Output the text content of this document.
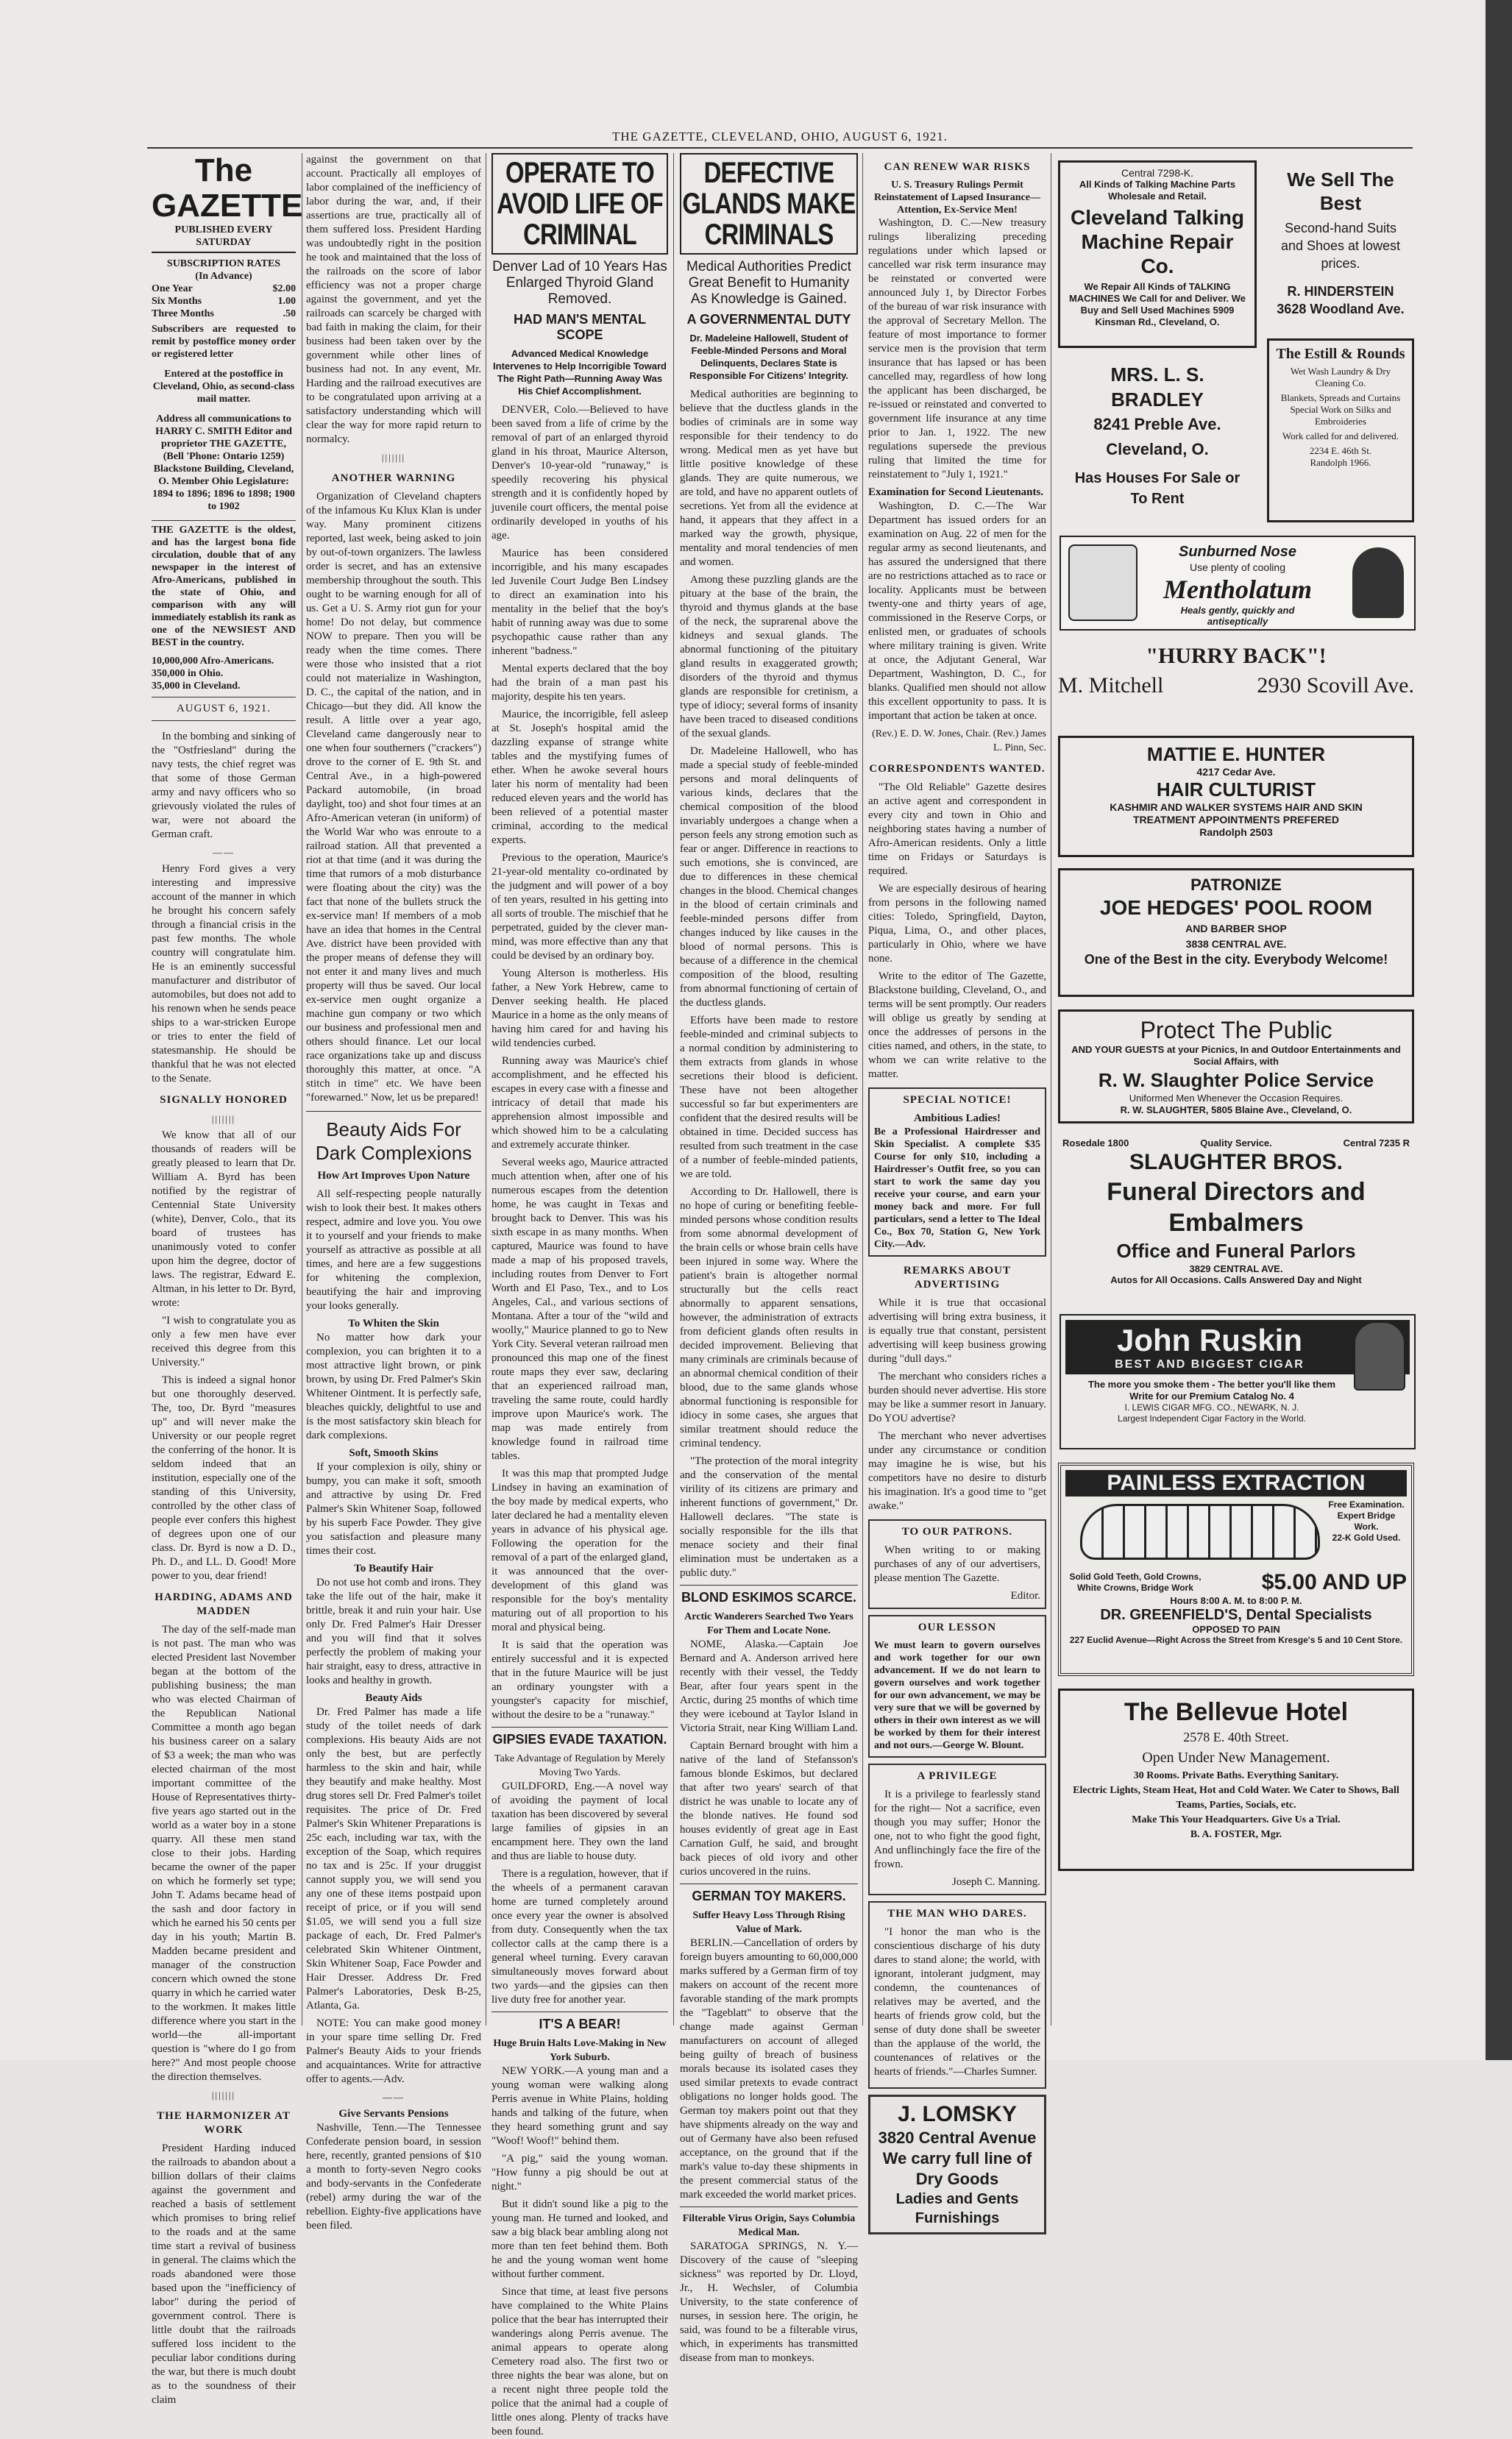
THE GAZETTE, CLEVELAND, OHIO, AUGUST 6, 1921.
The GAZETTE
PUBLISHED EVERY SATURDAY
SUBSCRIPTION RATES
(In Advance)
One Year	$2.00
Six Months	1.00
Three Months	.50
Subscribers are requested to remit by postoffice money order or registered letter
Entered at the postoffice in Cleveland, Ohio, as second-class mail matter.
Address all communications to HARRY C. SMITH Editor and proprietor THE GAZETTE, (Bell 'Phone: Ontario 1259) Blackstone Building, Cleveland, O. Member Ohio Legislature: 1894 to 1896; 1896 to 1898; 1900 to 1902
THE GAZETTE is the oldest, and has the largest bona fide circulation, double that of any newspaper in the interest of Afro-Americans, published in the state of Ohio, and comparison with any will immediately establish its rank as one of the NEWSIEST AND BEST in the country.
10,000,000 Afro-Americans.
350,000 in Ohio.
35,000 in Cleveland.
AUGUST 6, 1921.

In the bombing and sinking of the "Ostfriesland" during the navy tests, the chief regret was that some of those German army and navy officers who so grievously violated the rules of war, were not aboard the German craft.

——

Henry Ford gives a very interesting and impressive account of the manner in which he brought his concern safely through a financial crisis in the past few months. The whole country will congratulate him. He is an eminently successful manufacturer and distributor of automobiles, but does not add to his renown when he sends peace ships to a war-stricken Europe or tries to enter the field of statesmanship. He should be thankful that he was not elected to the Senate.

SIGNALLY HONORED
|||||||

We know that all of our thousands of readers will be greatly pleased to learn that Dr. William A. Byrd has been notified by the registrar of Centennial State University (white), Denver, Colo., that its board of trustees has unanimously voted to confer upon him the degree, doctor of laws. The registrar, Edward E. Altman, in his letter to Dr. Byrd, wrote:

"I wish to congratulate you as only a few men have ever received this degree from this University."

This is indeed a signal honor but one thoroughly deserved. The, too, Dr. Byrd "measures up" and will never make the University or our people regret the conferring of the honor. It is seldom indeed that an institution, especially one of the standing of this University, controlled by the other class of people ever confers this highest of degrees upon one of our class. Dr. Byrd is now a D. D., Ph. D., and LL. D. Good! More power to you, dear friend!

HARDING, ADAMS AND MADDEN

The day of the self-made man is not past. The man who was elected President last November began at the bottom of the publishing business; the man who was elected Chairman of the Republican National Committee a month ago began his business career on a salary of $3 a week; the man who was elected chairman of the most important committee of the House of Representatives thirty-five years ago started out in the world as a water boy in a stone quarry. All these men stand close to their jobs. Harding became the owner of the paper on which he formerly set type; John T. Adams became head of the sash and door factory in which he earned his 50 cents per day in his youth; Martin B. Madden became president and manager of the construction concern which owned the stone quarry in which he carried water to the workmen. It makes little difference where you start in the world—the all-important question is "where do I go from here?" And most people choose the direction themselves.

|||||||
THE HARMONIZER AT WORK

President Harding induced the railroads to abandon about a billion dollars of their claims against the government and reached a basis of settlement which promises to bring relief to the roads and at the same time start a revival of business in general. The claims which the roads abandoned were those based upon the "inefficiency of labor" during the period of government control. There is little doubt that the railroads suffered loss incident to the peculiar labor conditions during the war, but there is much doubt as to the soundness of their claim

against the government on that account. Practically all employes of labor complained of the inefficiency of labor during the war, and, if their assertions are true, practically all of them suffered loss. President Harding was undoubtedly right in the position he took and maintained that the loss of the railroads on the score of labor efficiency was not a proper charge against the government, and yet the railroads can scarcely be charged with bad faith in making the claim, for their business had been taken over by the government while other lines of business had not. In any event, Mr. Harding and the railroad executives are to be congratulated upon arriving at a satisfactory understanding which will clear the way for more rapid return to normalcy.

|||||||
ANOTHER WARNING

Organization of Cleveland chapters of the infamous Ku Klux Klan is under way. Many prominent citizens reported, last week, being asked to join by out-of-town organizers. The lawless order is secret, and has an extensive membership throughout the south. This ought to be warning enough for all of us. Get a U. S. Army riot gun for your home! Do not delay, but commence NOW to prepare. Then you will be ready when the time comes. There were those who insisted that a riot could not materialize in Washington, D. C., the capital of the nation, and in Chicago—but they did. All know the result. A little over a year ago, Cleveland came dangerously near to one when four southerners ("crackers") drove to the corner of E. 9th St. and Central Ave., in a high-powered Packard automobile, (in broad daylight, too) and shot four times at an Afro-American veteran (in uniform) of the World War who was enroute to a railroad station. All that prevented a riot at that time (and it was during the time that rumors of a mob disturbance were floating about the city) was the fact that none of the bullets struck the ex-service man! If members of a mob have an idea that homes in the Central Ave. district have been provided with the proper means of defense they will not enter it and many lives and much property will thus be saved. Our local ex-service men ought organize a machine gun company or two which our business and professional men and others should finance. Let our local race organizations take up and discuss thoroughly this matter, at once. "A stitch in time" etc. We have been "forewarned." Now, let us be prepared!

Beauty Aids For Dark Complexions
How Art Improves Upon Nature

All self-respecting people naturally wish to look their best. It makes others respect, admire and love you. You owe it to yourself and your friends to make yourself as attractive as possible at all times, and here are a few suggestions for whitening the complexion, beautifying the hair and improving your looks generally.

To Whiten the Skin

No matter how dark your complexion, you can brighten it to a most attractive light brown, or pink brown, by using Dr. Fred Palmer's Skin Whitener Ointment. It is perfectly safe, bleaches quickly, delightful to use and is the most satisfactory skin bleach for dark complexions.

Soft, Smooth Skins

If your complexion is oily, shiny or bumpy, you can make it soft, smooth and attractive by using Dr. Fred Palmer's Skin Whitener Soap, followed by his superb Face Powder. They give you satisfaction and pleasure many times their cost.

To Beautify Hair

Do not use hot comb and irons. They take the life out of the hair, make it brittle, break it and ruin your hair. Use only Dr. Fred Palmer's Hair Dresser and you will find that it solves perfectly the problem of making your hair straight, easy to dress, attractive in looks and healthy in growth.

Beauty Aids

Dr. Fred Palmer has made a life study of the toilet needs of dark complexions. His beauty Aids are not only the best, but are perfectly harmless to the skin and hair, while they beautify and make healthy. Most drug stores sell Dr. Fred Palmer's toilet requisites. The price of Dr. Fred Palmer's Skin Whitener Preparations is 25c each, including war tax, with the exception of the Soap, which requires no tax and is 25c. If your druggist cannot supply you, we will send you any one of these items postpaid upon receipt of price, or if you will send $1.05, we will send you a full size package of each, Dr. Fred Palmer's celebrated Skin Whitener Ointment, Skin Whitener Soap, Face Powder and Hair Dresser. Address Dr. Fred Palmer's Laboratories, Desk B-25, Atlanta, Ga.

NOTE: You can make good money in your spare time selling Dr. Fred Palmer's Beauty Aids to your friends and acquaintances. Write for attractive offer to agents.—Adv.

——
Give Servants Pensions

Nashville, Tenn.—The Tennessee Confederate pension board, in session here, recently, granted pensions of $10 a month to forty-seven Negro cooks and body-servants in the Confederate (rebel) army during the war of the rebellion. Eighty-five applications have been filed.

OPERATE TO AVOID LIFE OF CRIMINAL
Denver Lad of 10 Years Has Enlarged Thyroid Gland Removed.
HAD MAN'S MENTAL SCOPE
Advanced Medical Knowledge Intervenes to Help Incorrigible Toward The Right Path—Running Away Was His Chief Accomplishment.

DENVER, Colo.—Believed to have been saved from a life of crime by the removal of part of an enlarged thyroid gland in his throat, Maurice Alterson, Denver's 10-year-old "runaway," is speedily recovering his physical strength and it is confidently hoped by juvenile court officers, the mental poise ordinarily developed in youths of his age.

Maurice has been considered incorrigible, and his many escapades led Juvenile Court Judge Ben Lindsey to direct an examination into his mentality in the belief that the boy's habit of running away was due to some psychopathic cause rather than any inherent "badness."

Mental experts declared that the boy had the brain of a man past his majority, despite his ten years.

Maurice, the incorrigible, fell asleep at St. Joseph's hospital amid the dazzling expanse of strange white tables and the mystifying fumes of ether. When he awoke several hours later his norm of mentality had been reduced eleven years and the world has been relieved of a potential master criminal, according to the medical experts.

Previous to the operation, Maurice's 21-year-old mentality co-ordinated by the judgment and will power of a boy of ten years, resulted in his getting into all sorts of trouble. The mischief that he perpetrated, guided by the clever man-mind, was more effective than any that could be devised by an ordinary boy.

Young Alterson is motherless. His father, a New York Hebrew, came to Denver seeking health. He placed Maurice in a home as the only means of having him cared for and having his wild tendencies curbed.

Running away was Maurice's chief accomplishment, and he effected his escapes in every case with a finesse and intricacy of detail that made his apprehension almost impossible and which showed him to be a calculating and extremely accurate thinker.

Several weeks ago, Maurice attracted much attention when, after one of his numerous escapes from the detention home, he was caught in Texas and brought back to Denver. This was his sixth escape in as many months. When captured, Maurice was found to have made a map of his proposed travels, including routes from Denver to Fort Worth and El Paso, Tex., and to Los Angeles, Cal., and various sections of Montana. After a tour of the "wild and woolly," Maurice planned to go to New York City. Several veteran railroad men pronounced this map one of the finest route maps they ever saw, declaring that an experienced railroad man, traveling the same route, could hardly improve upon Maurice's work. The map was made entirely from knowledge found in railroad time tables.

It was this map that prompted Judge Lindsey in having an examination of the boy made by medical experts, who later declared he had a mentality eleven years in advance of his physical age. Following the operation for the removal of a part of the enlarged gland, it was announced that the over-development of this gland was responsible for the boy's mentality maturing out of all proportion to his moral and physical being.

It is said that the operation was entirely successful and it is expected that in the future Maurice will be just an ordinary youngster with a youngster's capacity for mischief, without the desire to be a "runaway."

GIPSIES EVADE TAXATION.
Take Advantage of Regulation by Merely Moving Two Yards.

GUILDFORD, Eng.—A novel way of avoiding the payment of local taxation has been discovered by several large families of gipsies in an encampment here. They own the land and thus are liable to house duty.

There is a regulation, however, that if the wheels of a permanent caravan home are turned completely around once every year the owner is absolved from duty. Consequently when the tax collector calls at the camp there is a general wheel turning. Every caravan simultaneously moves forward about two yards—and the gipsies can then live duty free for another year.

IT'S A BEAR!
Huge Bruin Halts Love-Making in New York Suburb.

NEW YORK.—A young man and a young woman were walking along Perris avenue in White Plains, holding hands and talking of the future, when they heard something grunt and say "Woof! Woof!" behind them.

"A pig," said the young woman. "How funny a pig should be out at night."

But it didn't sound like a pig to the young man. He turned and looked, and saw a big black bear ambling along not more than ten feet behind them. Both he and the young woman went home without further comment.

Since that time, at least five persons have complained to the White Plains police that the bear has interrupted their wanderings along Perris avenue. The animal appears to operate along Cemetery road also. The first two or three nights the bear was alone, but on a recent night three people told the police that the animal had a couple of little ones along. Plenty of tracks have been found.

DEFECTIVE GLANDS MAKE CRIMINALS
Medical Authorities Predict Great Benefit to Humanity As Knowledge is Gained.
A GOVERNMENTAL DUTY
Dr. Madeleine Hallowell, Student of Feeble-Minded Persons and Moral Delinquents, Declares State is Responsible For Citizens' Integrity.

Medical authorities are beginning to believe that the ductless glands in the bodies of criminals are in some way responsible for their tendency to do wrong. Medical men as yet have but little positive knowledge of these glands. They are quite numerous, we are told, and have no apparent outlets of secretions. Yet from all the evidence at hand, it appears that they affect in a marked way the growth, physique, mentality and moral tendencies of men and women.

Among these puzzling glands are the pituary at the base of the brain, the thyroid and thymus glands at the base of the neck, the suprarenal above the kidneys and sexual glands. The abnormal functioning of the pituitary gland results in exaggerated growth; disorders of the thyroid and thymus glands are responsible for cretinism, a type of idiocy; several forms of insanity have been traced to diseased conditions of the sexual glands.

Dr. Madeleine Hallowell, who has made a special study of feeble-minded persons and moral delinquents of various kinds, declares that the chemical composition of the blood invariably undergoes a change when a person feels any strong emotion such as fear or anger. Difference in reactions to such emotions, she is convinced, are due to differences in these chemical changes in the blood. Chemical changes in the blood of certain criminals and feeble-minded persons differ from changes induced by like causes in the blood of normal persons. This is because of a difference in the chemical composition of the blood, resulting from abnormal functioning of certain of the ductless glands.

Efforts have been made to restore feeble-minded and criminal subjects to a normal condition by administering to them extracts from glands in whose secretions their blood is deficient. These have not been altogether successful so far but experimenters are confident that the desired results will be obtained in time. Decided success has resulted from such treatment in the case of a number of feeble-minded patients, we are told.

According to Dr. Hallowell, there is no hope of curing or benefiting feeble-minded persons whose condition results from some abnormal development of the brain cells or whose brain cells have been injured in some way. Where the patient's brain is altogether normal structurally but the cells react abnormally to apparent sensations, however, the administration of extracts from deficient glands often results in decided improvement. Believing that many criminals are criminals because of an abnormal chemical condition of their blood, due to the same glands whose abnormal functioning is responsible for idiocy in some cases, she argues that similar treatment should reduce the criminal tendency.

"The protection of the moral integrity and the conservation of the mental virility of its citizens are primary and inherent functions of government," Dr. Hallowell declares. "The state is socially responsible for the ills that menace society and their final elimination must be undertaken as a public duty."

BLOND ESKIMOS SCARCE.
Arctic Wanderers Searched Two Years For Them and Locate None.

NOME, Alaska.—Captain Joe Bernard and A. Anderson arrived here recently with their vessel, the Teddy Bear, after four years spent in the Arctic, during 25 months of which time they were icebound at Taylor Island in Victoria Strait, near King William Land.

Captain Bernard brought with him a native of the land of Stefansson's famous blonde Eskimos, but declared that after two years' search of that district he was unable to locate any of the blonde natives. He found sod houses evidently of great age in East Carnation Gulf, he said, and brought back pieces of old ivory and other curios uncovered in the ruins.

GERMAN TOY MAKERS.
Suffer Heavy Loss Through Rising Value of Mark.

BERLIN.—Cancellation of orders by foreign buyers amounting to 60,000,000 marks suffered by a German firm of toy makers on account of the recent more favorable standing of the mark prompts the "Tageblatt" to observe that the change made against German manufacturers on account of alleged being guilty of breach of business morals because its isolated cases they used similar pretexts to evade contract obligations no longer holds good. The German toy makers point out that they have shipments already on the way and out of Germany have also been refused acceptance, on the ground that if the mark's value to-day these shipments in the present commercial status of the mark exceeded the world market prices.

Filterable Virus Origin, Says Columbia Medical Man.

SARATOGA SPRINGS, N. Y.—Discovery of the cause of "sleeping sickness" was reported by Dr. Lloyd, Jr., H. Wechsler, of Columbia University, to the state conference of nurses, in session here. The origin, he said, was found to be a filterable virus, which, in experiments has transmitted disease from man to monkeys.

CAN RENEW WAR RISKS
U. S. Treasury Rulings Permit Reinstatement of Lapsed Insurance—Attention, Ex-Service Men!

Washington, D. C.—New treasury rulings liberalizing preceding regulations under which lapsed or cancelled war risk term insurance may be reinstated or converted were announced July 1, by Director Forbes of the bureau of war risk insurance with the approval of Secretary Mellon. The feature of most importance to former service men is the provision that term insurance that has lapsed or has been cancelled may, regardless of how long the applicant has been discharged, be re-issued or reinstated and converted to government life insurance at any time prior to Jan. 1, 1922. The new regulations supersede the previous ruling that limited the time for reinstatement to "July 1, 1921."

Examination for Second Lieutenants.

Washington, D. C.—The War Department has issued orders for an examination on Aug. 22 of men for the regular army as second lieutenants, and has assured the undersigned that there are no restrictions attached as to race or locality. Applicants must be between twenty-one and thirty years of age, commissioned in the Reserve Corps, or enlisted men, or graduates of schools where military training is given. Write at once, the Adjutant General, War Department, Washington, D. C., for blanks. Qualified men should not allow this excellent opportunity to pass. It is important that action be taken at once.

(Rev.) E. D. W. Jones, Chair. (Rev.) James L. Pinn, Sec.
CORRESPONDENTS WANTED.

"The Old Reliable" Gazette desires an active agent and correspondent in every city and town in Ohio and neighboring states having a number of Afro-American residents. Only a little time on Fridays or Saturdays is required.

We are especially desirous of hearing from persons in the following named cities: Toledo, Springfield, Dayton, Piqua, Lima, O., and other places, particularly in Ohio, where we have none.

Write to the editor of The Gazette, Blackstone building, Cleveland, O., and terms will be sent promptly. Our readers will oblige us greatly by sending at once the addresses of persons in the cities named, and others, in the state, to whom we can write relative to the matter.

SPECIAL NOTICE!
Ambitious Ladies!
Be a Professional Hairdresser and Skin Specialist. A complete $35 Course for only $10, including a Hairdresser's Outfit free, so you can start to work the same day you receive your course, and earn your money back and more. For full particulars, send a letter to The Ideal Co., Box 70, Station G, New York City.—Adv.
REMARKS ABOUT ADVERTISING

While it is true that occasional advertising will bring extra business, it is equally true that constant, persistent advertising will keep business growing during "dull days."

The merchant who considers riches a burden should never advertise. His store may be like a summer resort in January. Do YOU advertise?

The merchant who never advertises under any circumstance or condition may imagine he is wise, but his competitors have no desire to disturb his imagination. It's a good time to "get awake."

TO OUR PATRONS.

When writing to or making purchases of any of our advertisers, please mention The Gazette.

Editor.
OUR LESSON
We must learn to govern ourselves and work together for our own advancement. If we do not learn to govern ourselves and work together for our own advancement, we may be very sure that we will be governed by others in their own interest as we will be worked by them for their interest and not ours.—George W. Blount.
A PRIVILEGE

It is a privilege to fearlessly stand for the right— Not a sacrifice, even though you may suffer; Honor the one, not to who fight the good fight, And unflinchingly face the fire of the frown.

Joseph C. Manning.
THE MAN WHO DARES.

"I honor the man who is the conscientious discharge of his duty dares to stand alone; the world, with ignorant, intolerant judgment, may condemn, the countenances of relatives may be averted, and the hearts of friends grow cold, but the sense of duty done shall be sweeter than the applause of the world, the countenances of relatives or the hearts of friends."—Charles Sumner.

J. LOMSKY
3820 Central Avenue
We carry full line of Dry Goods
Ladies and Gents Furnishings
Central 7298-K.
All Kinds of Talking Machine Parts Wholesale and Retail.
Cleveland Talking Machine Repair Co.
We Repair All Kinds of TALKING MACHINES We Call for and Deliver. We Buy and Sell Used Machines 5909 Kinsman Rd., Cleveland, O.
We Sell The Best
Second-hand Suits and Shoes at lowest prices.
R. HINDERSTEIN
3628 Woodland Ave.
MRS. L. S. BRADLEY
8241 Preble Ave.
Cleveland, O.
Has Houses For Sale or To Rent
The Estill & Rounds
Wet Wash Laundry & Dry Cleaning Co.
Blankets, Spreads and Curtains Special Work on Silks and Embroideries
Work called for and delivered.
2234 E. 46th St.
Randolph 1966.
Sunburned Nose
Use plenty of cooling
Mentholatum
Heals gently, quickly and antiseptically
"HURRY BACK"!
M. Mitchell	2930 Scovill Ave.
MATTIE E. HUNTER
4217 Cedar Ave.
HAIR CULTURIST
KASHMIR AND WALKER SYSTEMS HAIR AND SKIN TREATMENT APPOINTMENTS PREFERED
Randolph 2503
PATRONIZE
JOE HEDGES' POOL ROOM
AND BARBER SHOP
3838 CENTRAL AVE.
One of the Best in the city. Everybody Welcome!
Protect The Public
AND YOUR GUESTS at your Picnics, In and Outdoor Entertainments and Social Affairs, with
R. W. Slaughter Police Service
Uniformed Men Whenever the Occasion Requires.
R. W. SLAUGHTER, 5805 Blaine Ave., Cleveland, O.
Rosedale 1800	Quality Service.	Central 7235 R
SLAUGHTER BROS.
Funeral Directors and Embalmers
Office and Funeral Parlors
3829 CENTRAL AVE.
Autos for All Occasions. Calls Answered Day and Night
John Ruskin
BEST AND BIGGEST CIGAR
The more you smoke them - The better you'll like them
Write for our Premium Catalog No. 4
I. LEWIS CIGAR MFG. CO., NEWARK, N. J.
Largest Independent Cigar Factory in the World.
PAINLESS EXTRACTION
Free Examination.
Expert Bridge Work.
22-K Gold Used.
Solid Gold Teeth, Gold Crowns, White Crowns, Bridge Work	$5.00 AND UP
Hours 8:00 A. M. to 8:00 P. M.
DR. GREENFIELD'S, Dental Specialists
OPPOSED TO PAIN
227 Euclid Avenue—Right Across the Street from Kresge's 5 and 10 Cent Store.
The Bellevue Hotel
2578 E. 40th Street.
Open Under New Management.
30 Rooms. Private Baths. Everything Sanitary.
Electric Lights, Steam Heat, Hot and Cold Water. We Cater to Shows, Ball Teams, Parties, Socials, etc.
Make This Your Headquarters. Give Us a Trial.
B. A. FOSTER, Mgr.
